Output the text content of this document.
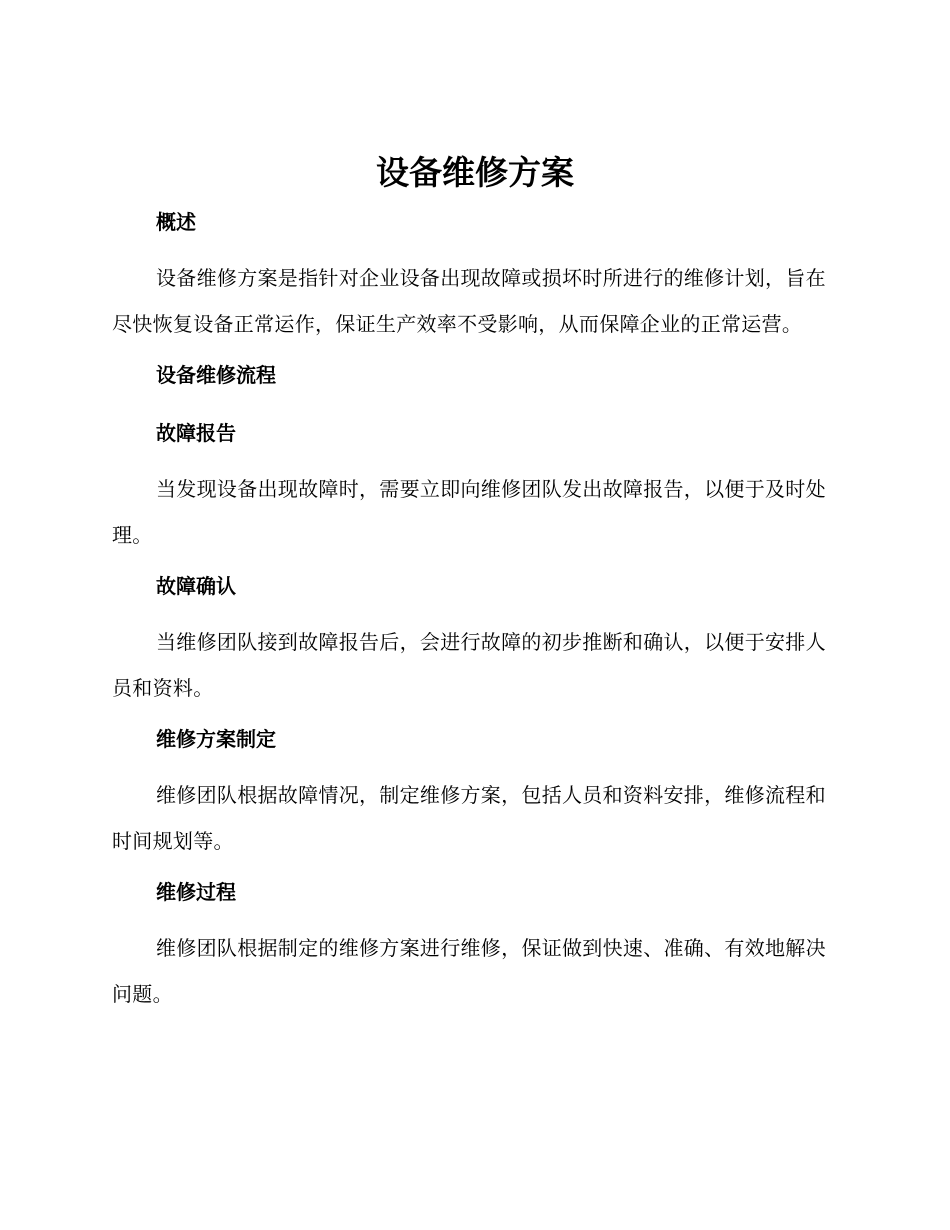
设备维修方案
概述

设备维修方案是指针对企业设备出现故障或损坏时所进行的维修计划，旨在尽快恢复设备正常运作，保证生产效率不受影响，从而保障企业的正常运营。

设备维修流程
故障报告

当发现设备出现故障时，需要立即向维修团队发出故障报告，以便于及时处理。

故障确认

当维修团队接到故障报告后，会进行故障的初步推断和确认，以便于安排人员和资料。

维修方案制定

维修团队根据故障情况，制定维修方案，包括人员和资料安排，维修流程和时间规划等。

维修过程

维修团队根据制定的维修方案进行维修，保证做到快速、准确、有效地解决问题。
